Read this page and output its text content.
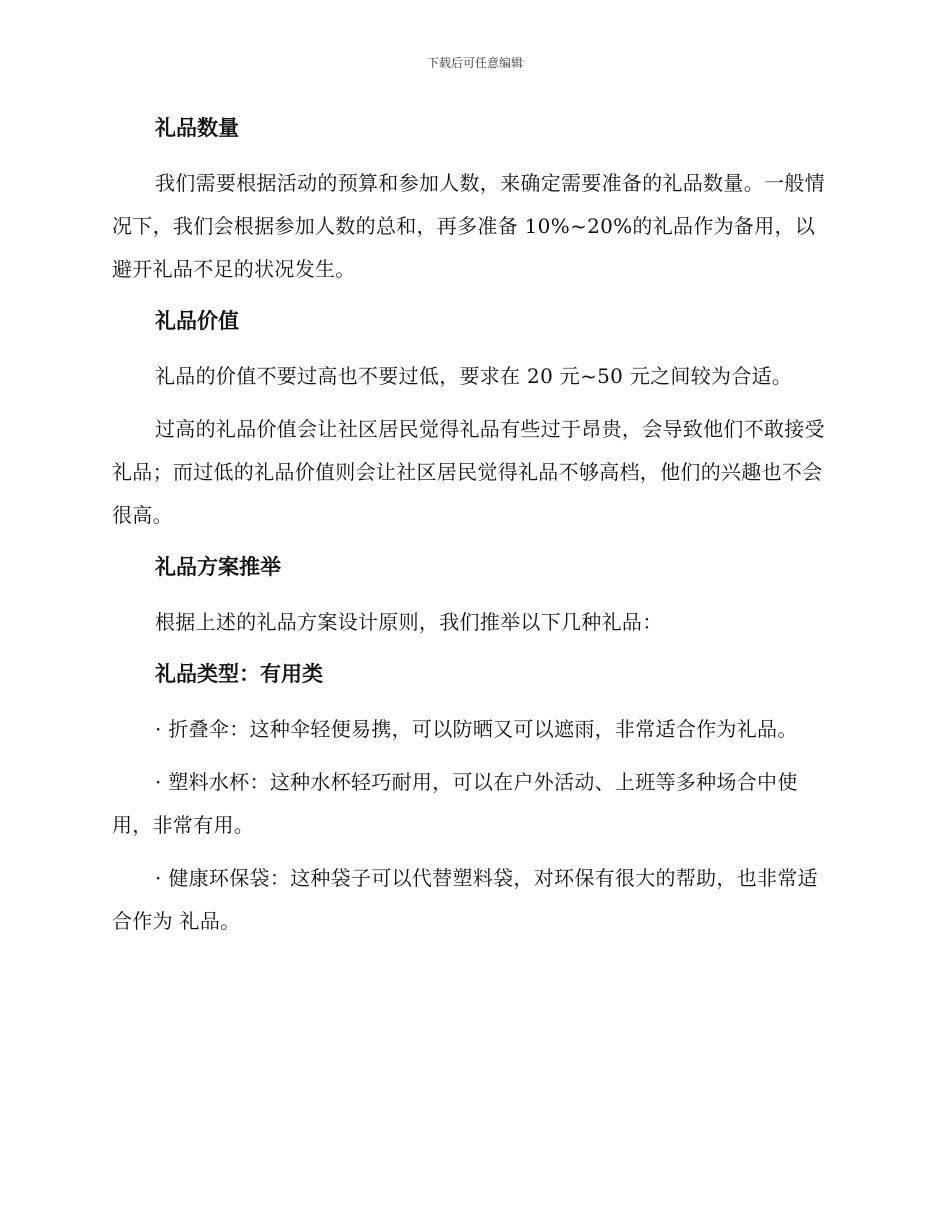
下载后可任意编辑
礼品数量

我们需要根据活动的预算和参加人数，来确定需要准备的礼品数量。一般情况下，我们会根据参加人数的总和，再多准备 10%~20%的礼品作为备用，以避开礼品不足的状况发生。

礼品价值

礼品的价值不要过高也不要过低，要求在 20 元~50 元之间较为合适。

过高的礼品价值会让社区居民觉得礼品有些过于昂贵，会导致他们不敢接受礼品；而过低的礼品价值则会让社区居民觉得礼品不够高档，他们的兴趣也不会很高。

礼品方案推举

根据上述的礼品方案设计原则，我们推举以下几种礼品：

礼品类型：有用类

· 折叠伞：这种伞轻便易携，可以防晒又可以遮雨，非常适合作为礼品。

· 塑料水杯：这种水杯轻巧耐用，可以在户外活动、上班等多种场合中使用，非常有用。

· 健康环保袋：这种袋子可以代替塑料袋，对环保有很大的帮助，也非常适合作为 礼品。
